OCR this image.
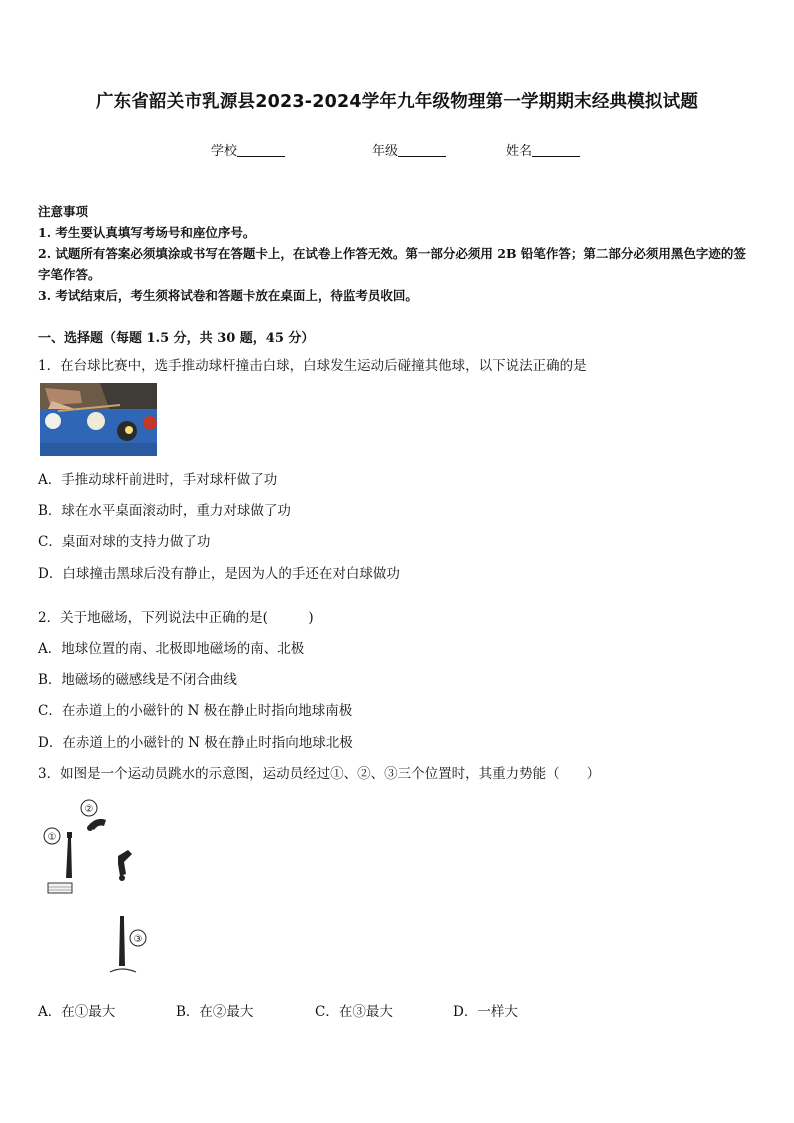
广东省韶关市乳源县2023-2024学年九年级物理第一学期期末经典模拟试题
学校	年级	姓名
注意事项
1. 考生要认真填写考场号和座位序号。
2. 试题所有答案必须填涂或书写在答题卡上，在试卷上作答无效。第一部分必须用 2B 铅笔作答；第二部分必须用黑色字迹的签字笔作答。
3. 考试结束后，考生须将试卷和答题卡放在桌面上，待监考员收回。
一、选择题（每题 1.5 分，共 30 题，45 分）
1．在台球比赛中，选手推动球杆撞击白球，白球发生运动后碰撞其他球，以下说法正确的是
A．手推动球杆前进时，手对球杆做了功
B．球在水平桌面滚动时，重力对球做了功
C．桌面对球的支持力做了功
D．白球撞击黑球后没有静止，是因为人的手还在对白球做功
2．关于地磁场，下列说法中正确的是(　　　)
A．地球位置的南、北极即地磁场的南、北极
B．地磁场的磁感线是不闭合曲线
C．在赤道上的小磁针的 N 极在静止时指向地球南极
D．在赤道上的小磁针的 N 极在静止时指向地球北极
3．如图是一个运动员跳水的示意图，运动员经过①、②、③三个位置时，其重力势能（　　）
①
②
③
A．在①最大	B．在②最大	C．在③最大	D．一样大
